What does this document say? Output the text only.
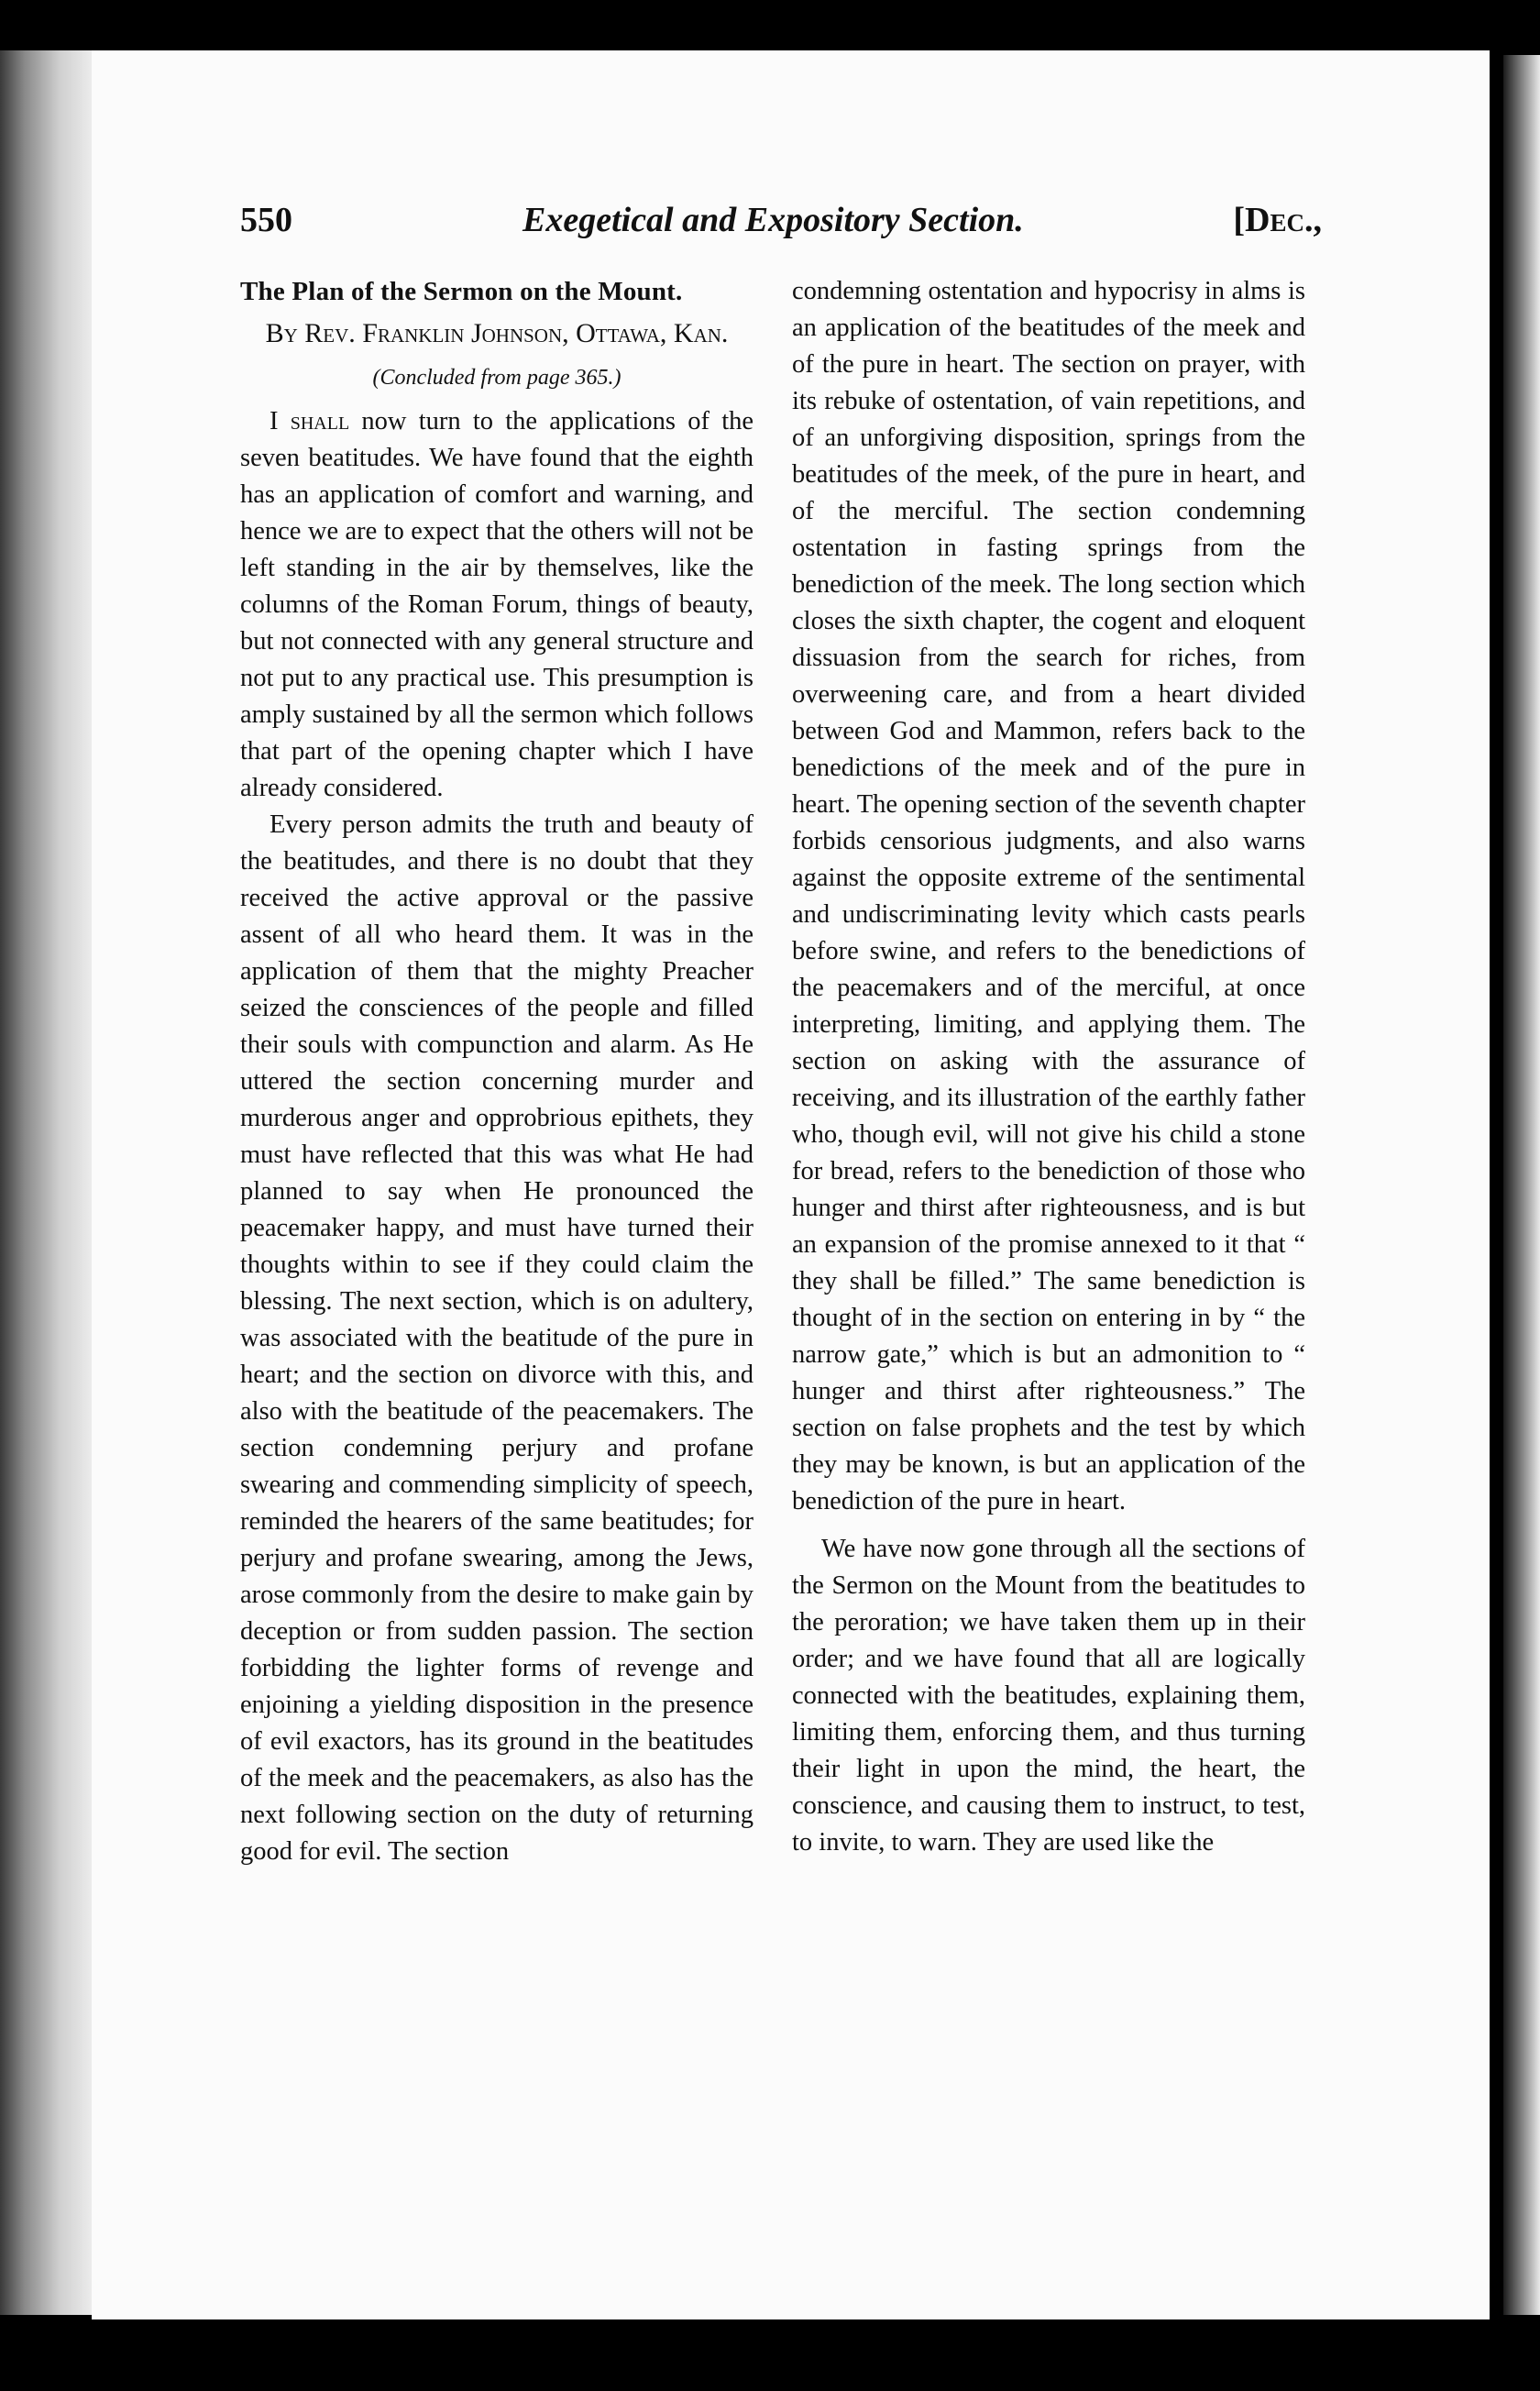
550	Exegetical and Expository Section.	[Dec.,
The Plan of the Sermon on the Mount.
By Rev. Franklin Johnson, Ottawa, Kan.
(Concluded from page 365.)

I shall now turn to the applications of the seven beatitudes. We have found that the eighth has an application of comfort and warning, and hence we are to expect that the others will not be left standing in the air by themselves, like the columns of the Roman Forum, things of beauty, but not connected with any general structure and not put to any practical use. This presumption is amply sustained by all the sermon which follows that part of the opening chapter which I have already considered.

Every person admits the truth and beauty of the beatitudes, and there is no doubt that they received the active approval or the passive assent of all who heard them. It was in the application of them that the mighty Preacher seized the consciences of the people and filled their souls with compunction and alarm. As He uttered the section concerning murder and murderous anger and opprobrious epithets, they must have reflected that this was what He had planned to say when He pronounced the peacemaker happy, and must have turned their thoughts within to see if they could claim the blessing. The next section, which is on adultery, was associated with the beatitude of the pure in heart; and the section on divorce with this, and also with the beatitude of the peacemakers. The section condemning perjury and profane swearing and commending simplicity of speech, reminded the hearers of the same beatitudes; for perjury and profane swearing, among the Jews, arose commonly from the desire to make gain by deception or from sudden passion. The section forbidding the lighter forms of revenge and enjoining a yielding disposition in the presence of evil exactors, has its ground in the beatitudes of the meek and the peacemakers, as also has the next following section on the duty of returning good for evil. The section

condemning ostentation and hypocrisy in alms is an application of the beatitudes of the meek and of the pure in heart. The section on prayer, with its rebuke of ostentation, of vain repetitions, and of an unforgiving disposition, springs from the beatitudes of the meek, of the pure in heart, and of the merciful. The section condemning ostentation in fasting springs from the benediction of the meek. The long section which closes the sixth chapter, the cogent and eloquent dissuasion from the search for riches, from overweening care, and from a heart divided between God and Mammon, refers back to the benedictions of the meek and of the pure in heart. The opening section of the seventh chapter forbids censorious judgments, and also warns against the opposite extreme of the sentimental and undiscriminating levity which casts pearls before swine, and refers to the benedictions of the peacemakers and of the merciful, at once interpreting, limiting, and applying them. The section on asking with the assurance of receiving, and its illustration of the earthly father who, though evil, will not give his child a stone for bread, refers to the benediction of those who hunger and thirst after righteousness, and is but an expansion of the promise annexed to it that “ they shall be filled.” The same benediction is thought of in the section on entering in by “ the narrow gate,” which is but an admonition to “ hunger and thirst after righteousness.” The section on false prophets and the test by which they may be known, is but an application of the benediction of the pure in heart.

We have now gone through all the sections of the Sermon on the Mount from the beatitudes to the peroration; we have taken them up in their order; and we have found that all are logically connected with the beatitudes, explaining them, limiting them, enforcing them, and thus turning their light in upon the mind, the heart, the conscience, and causing them to instruct, to test, to invite, to warn. They are used like the
